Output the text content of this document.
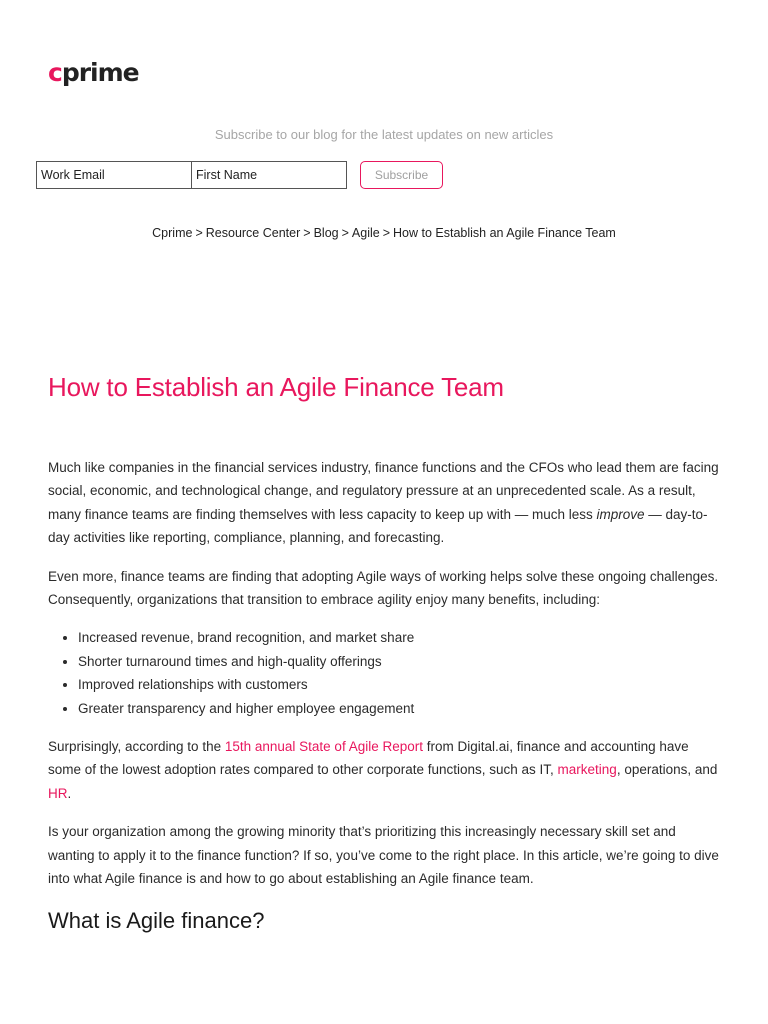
cprime
Subscribe to our blog for the latest updates on new articles
Work Email
First Name
Subscribe
Cprime > Resource Center > Blog > Agile > How to Establish an Agile Finance Team
How to Establish an Agile Finance Team

Much like companies in the financial services industry, finance functions and the CFOs who lead them are facing social, economic, and technological change, and regulatory pressure at an unprecedented scale. As a result, many finance teams are finding themselves with less capacity to keep up with — much less improve — day-to-day activities like reporting, compliance, planning, and forecasting.

Even more, finance teams are finding that adopting Agile ways of working helps solve these ongoing challenges. Consequently, organizations that transition to embrace agility enjoy many benefits, including:

• Increased revenue, brand recognition, and market share
• Shorter turnaround times and high-quality offerings
• Improved relationships with customers
• Greater transparency and higher employee engagement

Surprisingly, according to the 15th annual State of Agile Report from Digital.ai, finance and accounting have some of the lowest adoption rates compared to other corporate functions, such as IT, marketing, operations, and HR.

Is your organization among the growing minority that’s prioritizing this increasingly necessary skill set and wanting to apply it to the finance function? If so, you’ve come to the right place. In this article, we’re going to dive into what Agile finance is and how to go about establishing an Agile finance team.

What is Agile finance?
